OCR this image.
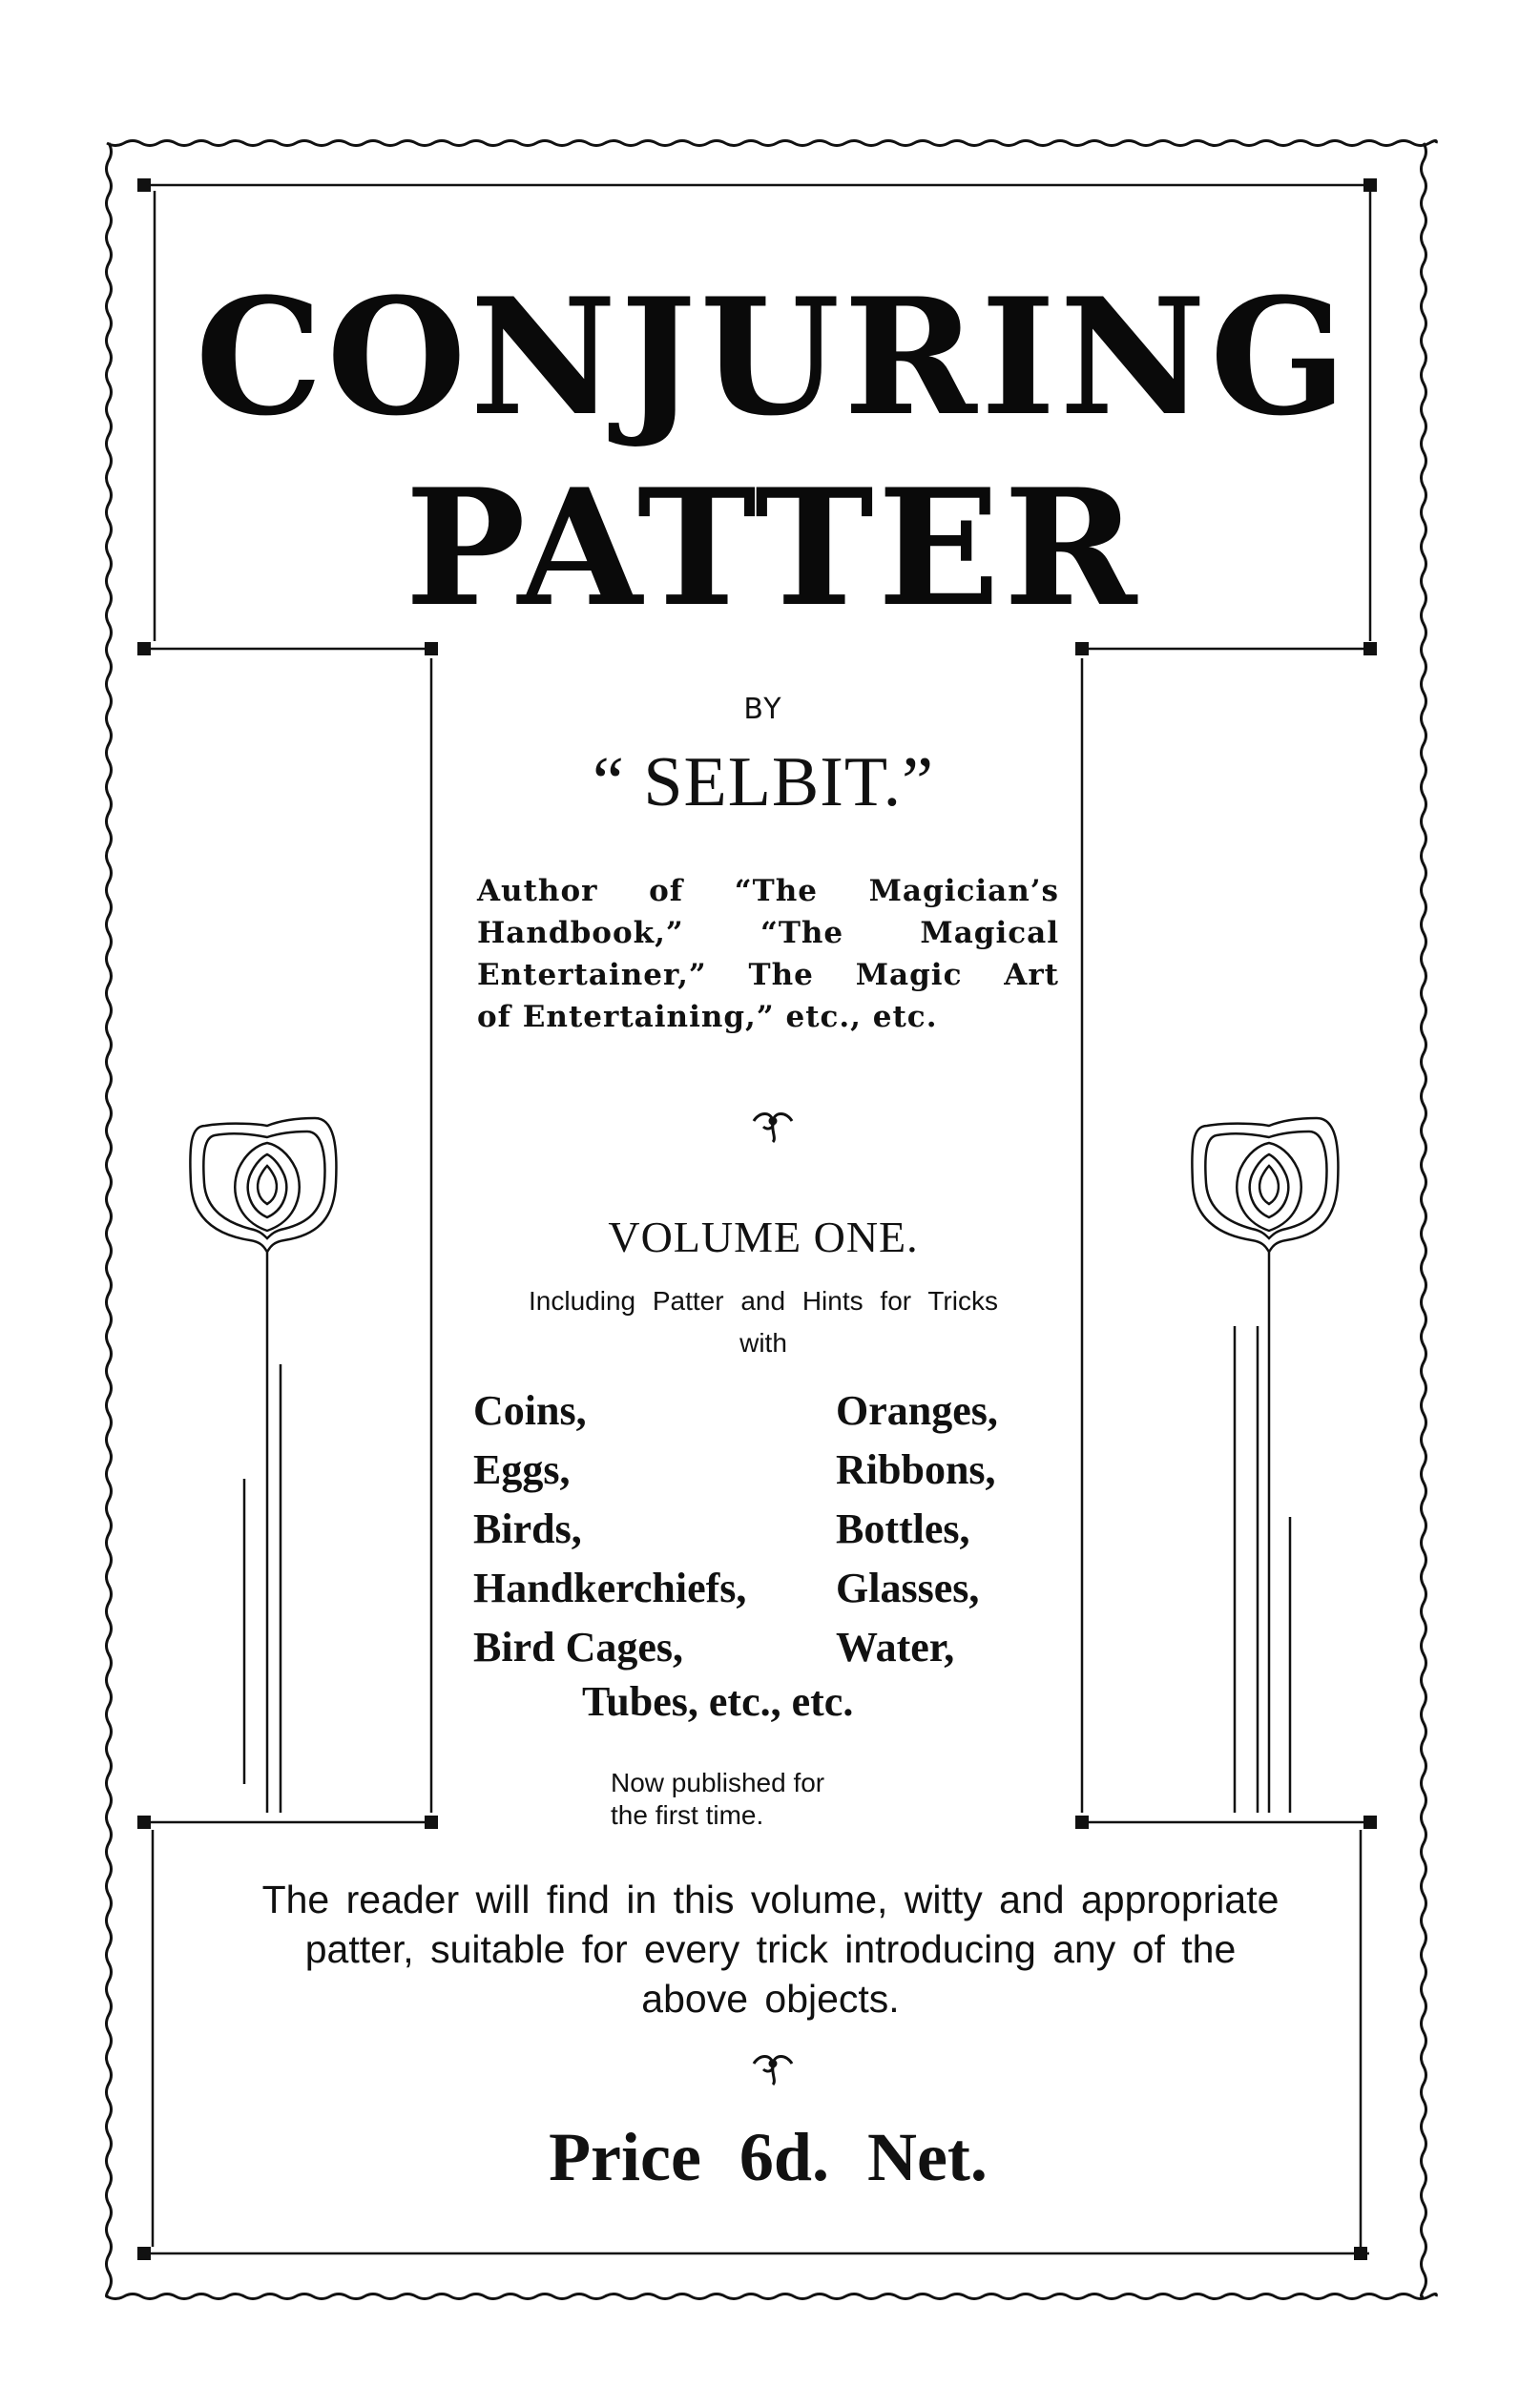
CONJURING
PATTER
BY
“ SELBIT.”
Author of “The Magician’s
Handbook,” “The Magical
Entertainer,” The Magic Art
of Entertaining,” etc., etc.
VOLUME ONE.
Including Patter and Hints for Tricks
with
Coins,
Eggs,
Birds,
Handkerchiefs,
Bird Cages,
Oranges,
Ribbons,
Bottles,
Glasses,
Water,
Tubes, etc., etc.
Now published for
the first time.
The reader will find in this volume, witty and appropriate
patter, suitable for every trick introducing any of the
above objects.
Price 6d. Net.
